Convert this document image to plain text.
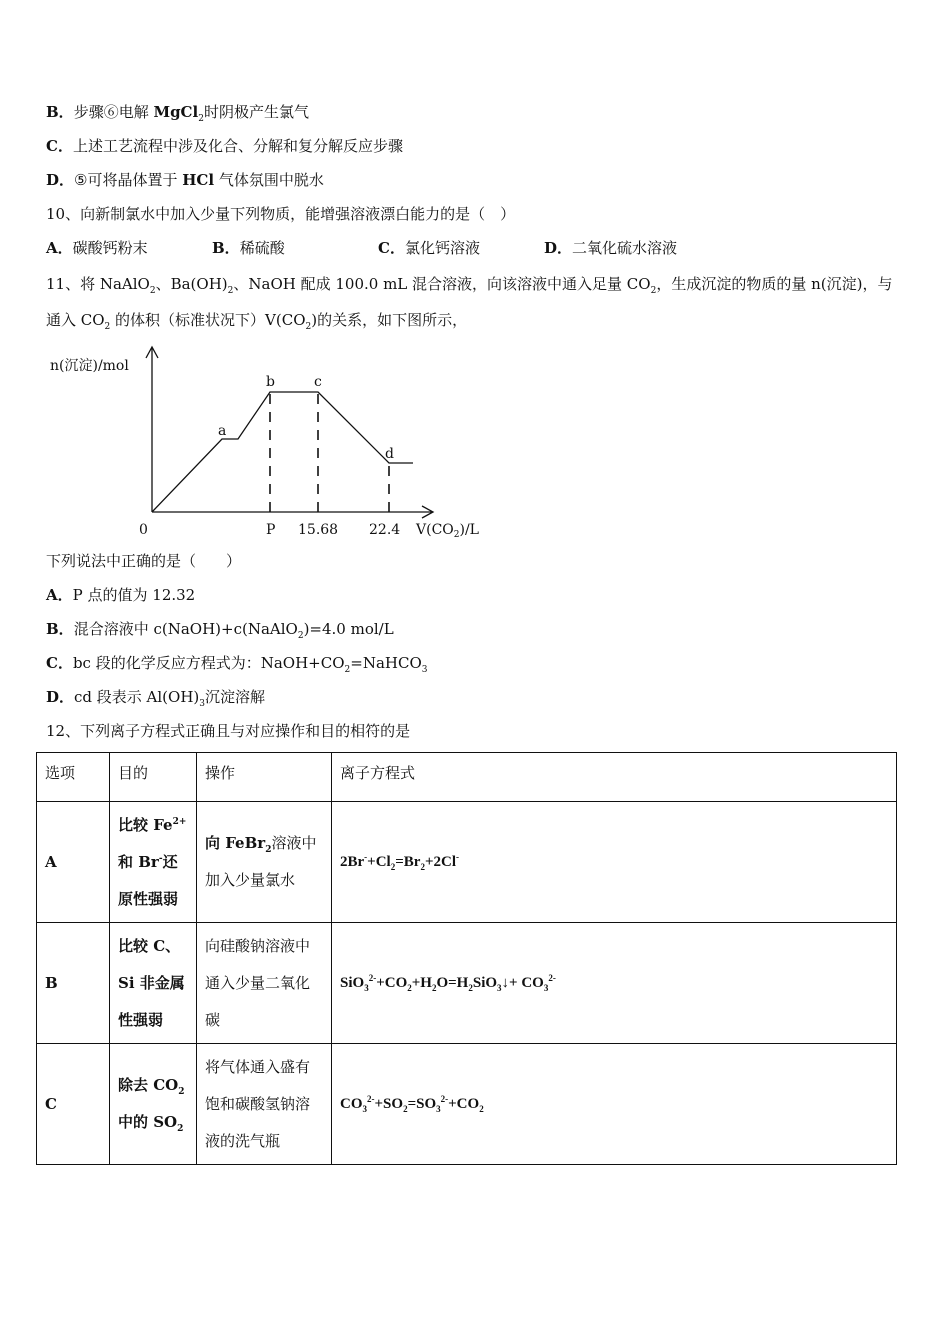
B．步骤⑥电解 MgCl$_2$时阴极产生氯气
C．上述工艺流程中涉及化合、分解和复分解反应步骤
D．⑤可将晶体置于 HCl 气体氛围中脱水
10、向新制氯水中加入少量下列物质，能增强溶液漂白能力的是（　）
A．碳酸钙粉末	B．稀硫酸	C．氯化钙溶液	D．二氧化硫水溶液
11、将 NaAlO$_2$、$Ba(OH)_2$、NaOH 配成 100.0 mL 混合溶液，向该溶液中通入足量 $CO_2$，生成沉淀的物质的量 n(沉淀)，与
通入 $CO_2$ 的体积（标准状况下）$V(CO_2)$的关系，如下图所示，
n(沉淀)/mol
a
b	c
d
0	P 15.68 22.4 $V(CO_2)/L$
下列说法中正确的是（　　）
A．P 点的值为 12.32
B．混合溶液中 c(NaOH)+c(NaAlO$_2$)=4.0 mol/L
C．bc 段的化学反应方程式为：$NaOH+CO_2=NaHCO_3$
D．cd 段表示 $Al(OH)_3$沉淀溶解
12、下列离子方程式正确且与对应操作和目的相符的是
选项	目的	操作	离子方程式
A	比较 $Fe^{2+}$
和 Br-还
原性强弱	向 FeBr$_2$溶液中
加入少量氯水	$2Br^-+Cl_2=Br_2+2Cl^-$
B	比较 C、
Si 非金属
性强弱	向硅酸钠溶液中
通入少量二氧化
碳	$SiO_3^{2-}+CO_2+H_2O=H_2SiO_3↓+ CO_3^{2-}$
C	除去 $CO_2$
中的 $SO_2$	将气体通入盛有
饱和碳酸氢钠溶
液的洗气瓶	$CO_3^{2-}+SO_2=SO_3^{2-}+CO_2$
